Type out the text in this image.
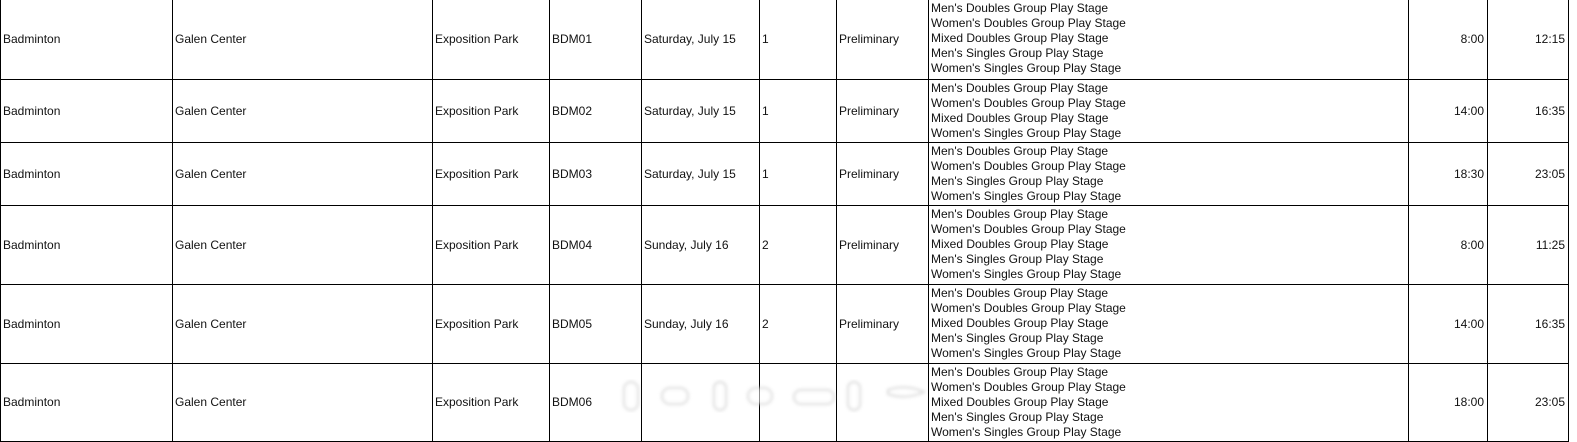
Badminton	Galen Center	Exposition Park	BDM01	Saturday, July 15	1	Preliminary	Men's Doubles Group Play Stage
Women's Doubles Group Play Stage
Mixed Doubles Group Play Stage
Men's Singles Group Play Stage
Women's Singles Group Play Stage	8:00	12:15
Badminton	Galen Center	Exposition Park	BDM02	Saturday, July 15	1	Preliminary	Men's Doubles Group Play Stage
Women's Doubles Group Play Stage
Mixed Doubles Group Play Stage
Women's Singles Group Play Stage	14:00	16:35
Badminton	Galen Center	Exposition Park	BDM03	Saturday, July 15	1	Preliminary	Men's Doubles Group Play Stage
Women's Doubles Group Play Stage
Men's Singles Group Play Stage
Women's Singles Group Play Stage	18:30	23:05
Badminton	Galen Center	Exposition Park	BDM04	Sunday, July 16	2	Preliminary	Men's Doubles Group Play Stage
Women's Doubles Group Play Stage
Mixed Doubles Group Play Stage
Men's Singles Group Play Stage
Women's Singles Group Play Stage	8:00	11:25
Badminton	Galen Center	Exposition Park	BDM05	Sunday, July 16	2	Preliminary	Men's Doubles Group Play Stage
Women's Doubles Group Play Stage
Mixed Doubles Group Play Stage
Men's Singles Group Play Stage
Women's Singles Group Play Stage	14:00	16:35
Badminton	Galen Center	Exposition Park	BDM06				Men's Doubles Group Play Stage
Women's Doubles Group Play Stage
Mixed Doubles Group Play Stage
Men's Singles Group Play Stage
Women's Singles Group Play Stage	18:00	23:05
